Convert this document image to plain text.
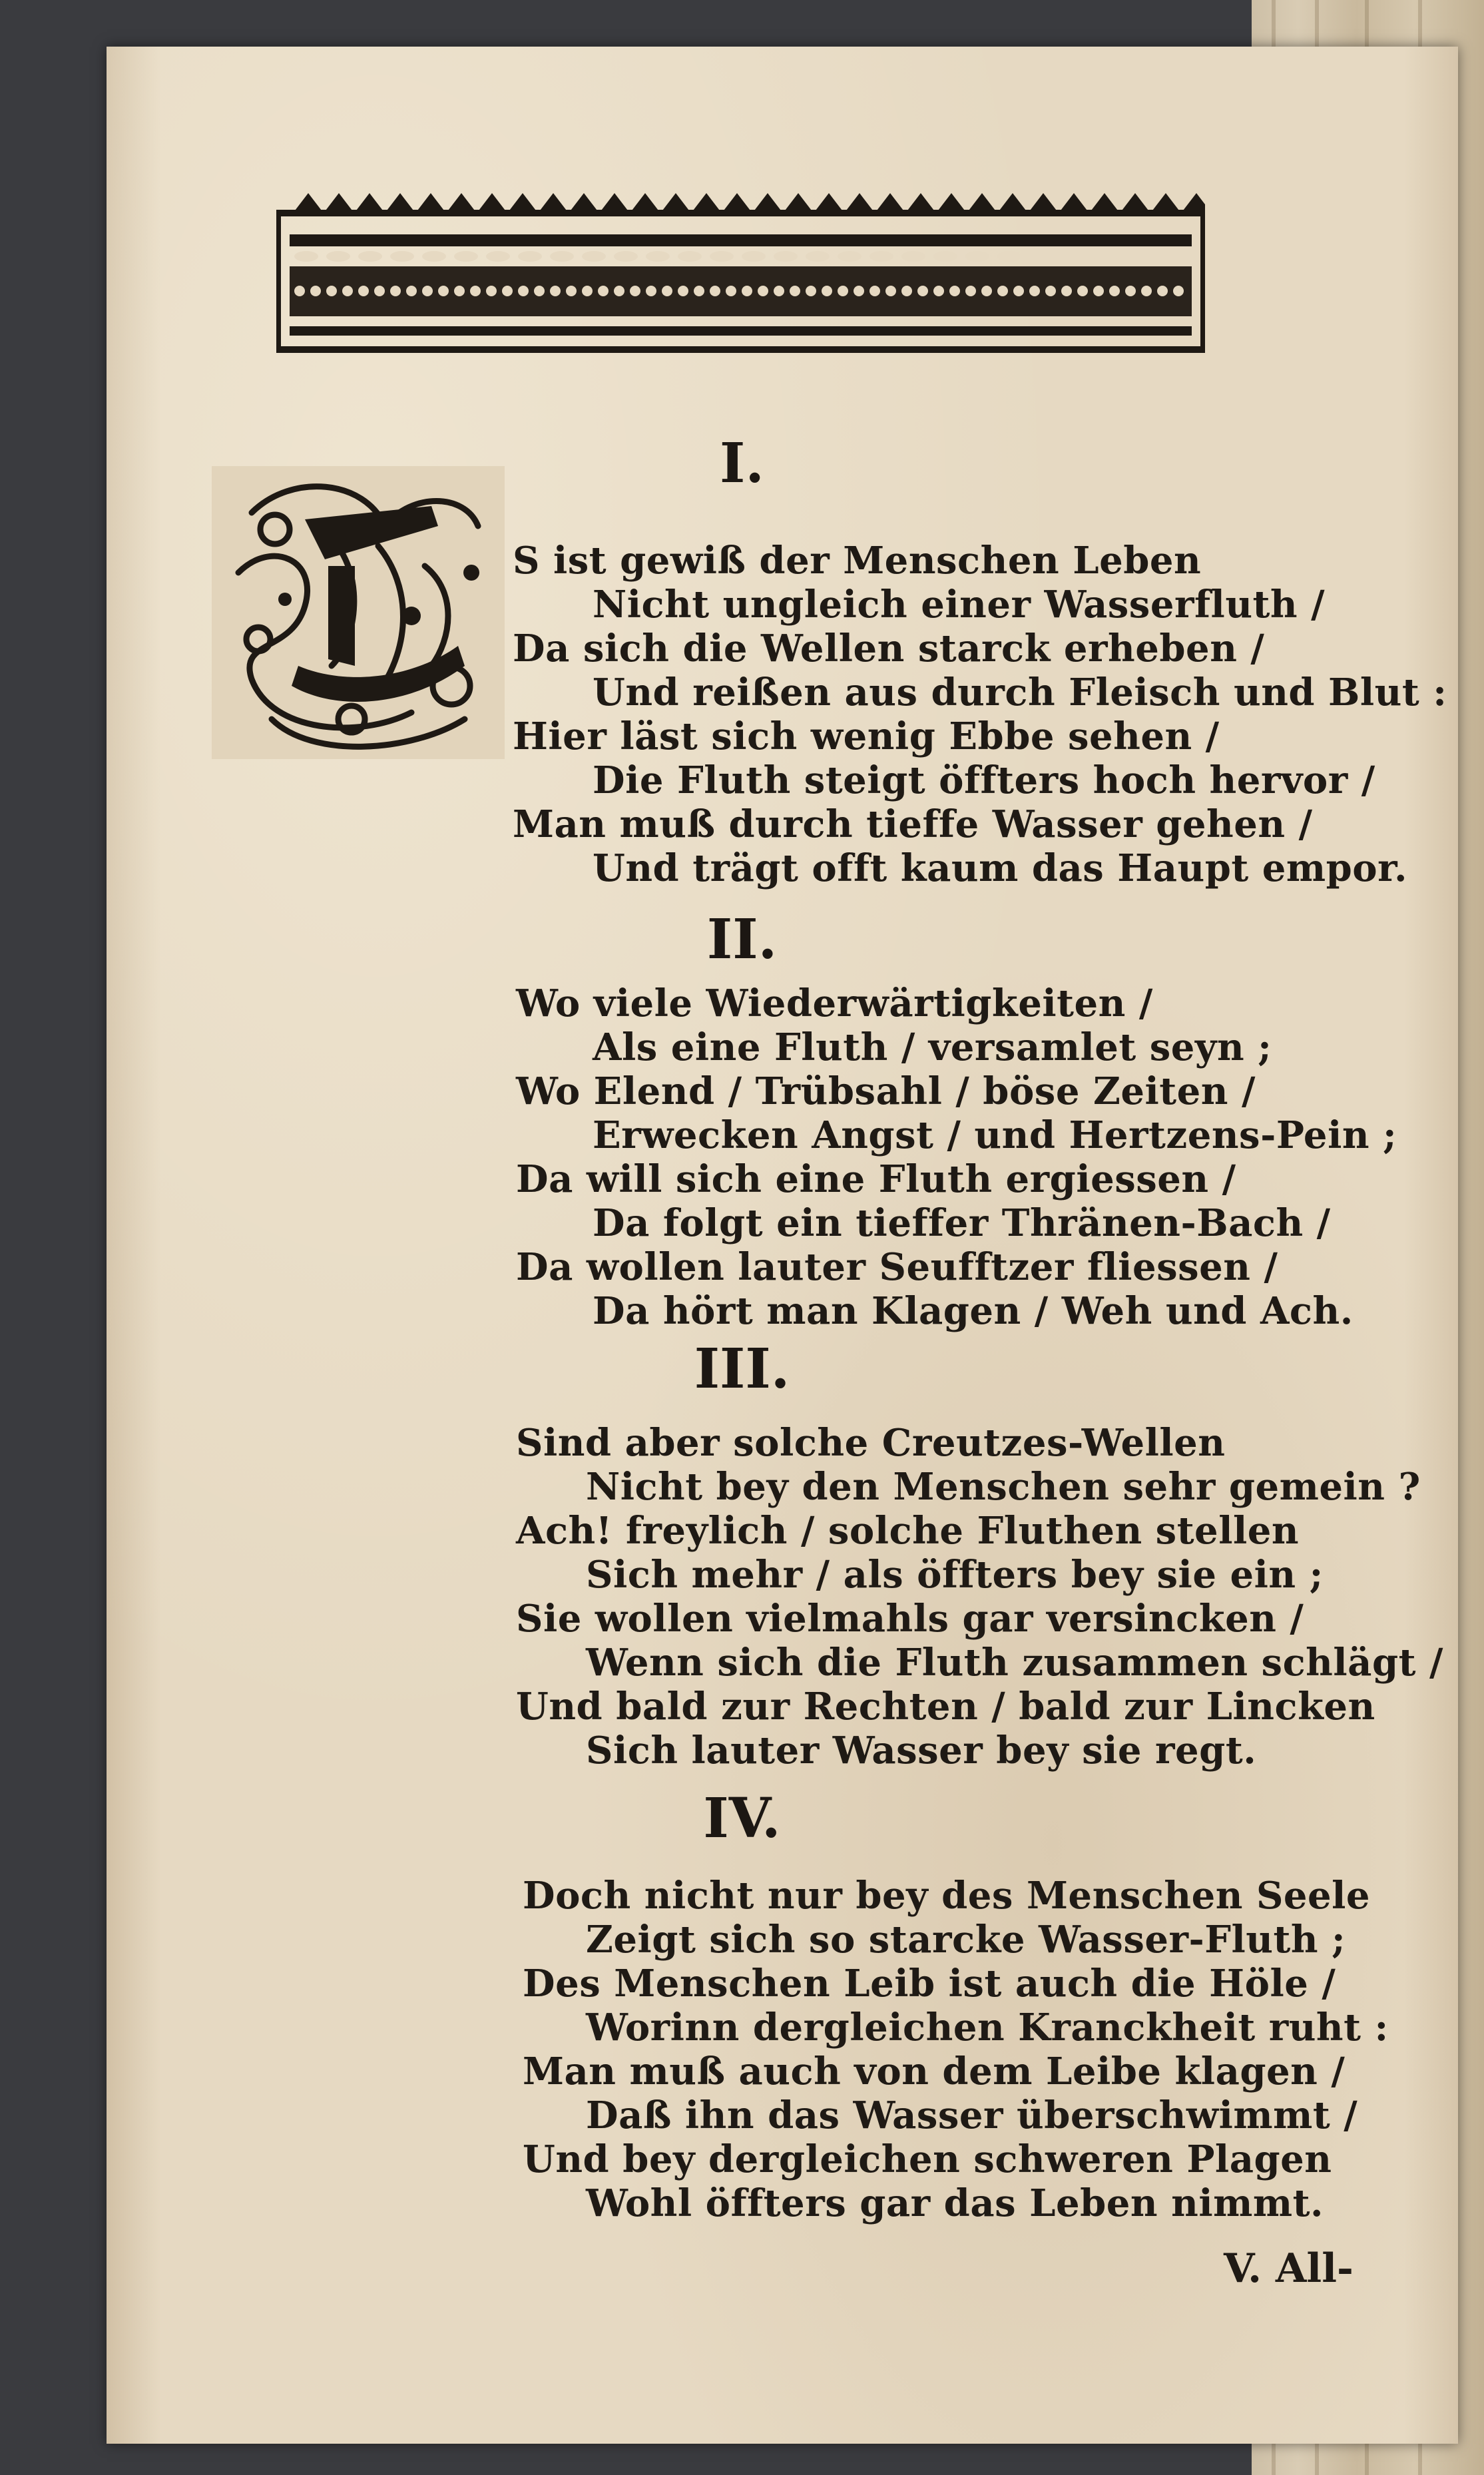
I.
S ist gewiß der Menschen Leben
Nicht ungleich einer Wasserfluth /
Da sich die Wellen starck erheben /
Und reißen aus durch Fleisch und Blut :
Hier läst sich wenig Ebbe sehen /
Die Fluth steigt öffters hoch hervor /
Man muß durch tieffe Wasser gehen /
Und trägt offt kaum das Haupt empor.
II.
Wo viele Wiederwärtigkeiten /
Als eine Fluth / versamlet seyn ;
Wo Elend / Trübsahl / böse Zeiten /
Erwecken Angst / und Hertzens-Pein ;
Da will sich eine Fluth ergiessen /
Da folgt ein tieffer Thränen-Bach /
Da wollen lauter Seufftzer fliessen /
Da hört man Klagen / Weh und Ach.
III.
Sind aber solche Creutzes-Wellen
Nicht bey den Menschen sehr gemein ?
Ach! freylich / solche Fluthen stellen
Sich mehr / als öffters bey sie ein ;
Sie wollen vielmahls gar versincken /
Wenn sich die Fluth zusammen schlägt /
Und bald zur Rechten / bald zur Lincken
Sich lauter Wasser bey sie regt.
IV.
Doch nicht nur bey des Menschen Seele
Zeigt sich so starcke Wasser-Fluth ;
Des Menschen Leib ist auch die Höle /
Worinn dergleichen Kranckheit ruht :
Man muß auch von dem Leibe klagen /
Daß ihn das Wasser überschwimmt /
Und bey dergleichen schweren Plagen
Wohl öffters gar das Leben nimmt.
V. All-
